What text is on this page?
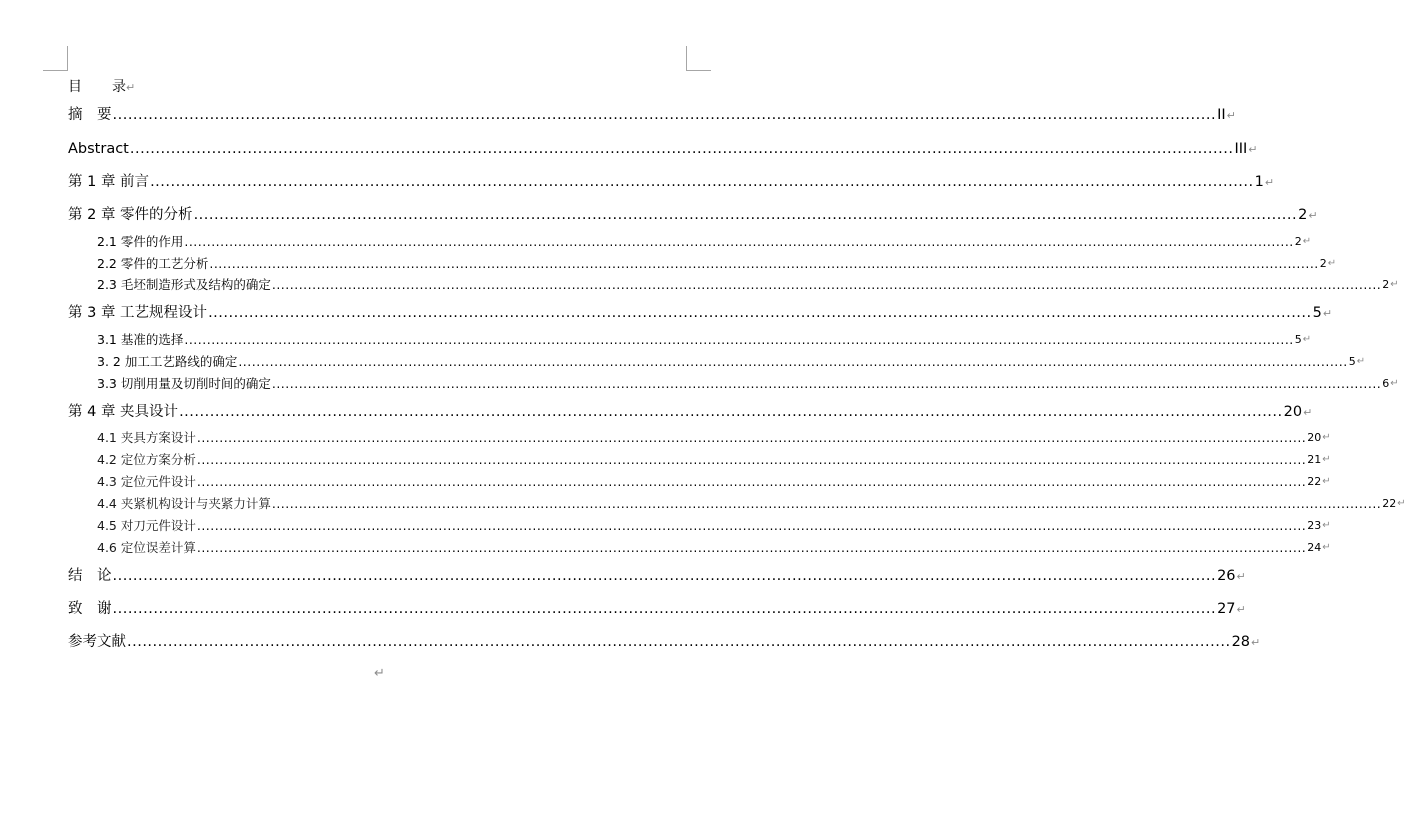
目 录↵
摘　要 ........................................................................................................................................................................................................................ II ↵
Abstract ........................................................................................................................................................................................................................ III ↵
第 1 章 前言 ........................................................................................................................................................................................................................ 1 ↵
第 2 章 零件的分析 ........................................................................................................................................................................................................................ 2 ↵
2.1 零件的作用 ........................................................................................................................................................................................................................................................ 2 ↵
2.2 零件的工艺分析 ........................................................................................................................................................................................................................................................ 2 ↵
2.3 毛坯制造形式及结构的确定 ........................................................................................................................................................................................................................................................ 2 ↵
第 3 章 工艺规程设计 ........................................................................................................................................................................................................................ 5 ↵
3.1 基准的选择 ........................................................................................................................................................................................................................................................ 5 ↵
3. 2 加工工艺路线的确定 ........................................................................................................................................................................................................................................................ 5 ↵
3.3 切削用量及切削时间的确定 ........................................................................................................................................................................................................................................................ 6 ↵
第 4 章 夹具设计 ........................................................................................................................................................................................................................ 20 ↵
4.1 夹具方案设计 ........................................................................................................................................................................................................................................................ 20 ↵
4.2 定位方案分析 ........................................................................................................................................................................................................................................................ 21 ↵
4.3 定位元件设计 ........................................................................................................................................................................................................................................................ 22 ↵
4.4 夹紧机构设计与夹紧力计算 ........................................................................................................................................................................................................................................................ 22 ↵
4.5 对刀元件设计 ........................................................................................................................................................................................................................................................ 23 ↵
4.6 定位误差计算 ........................................................................................................................................................................................................................................................ 24 ↵
结　论 ........................................................................................................................................................................................................................ 26 ↵
致　谢 ........................................................................................................................................................................................................................ 27 ↵
参考文献 ........................................................................................................................................................................................................................ 28 ↵
↵
